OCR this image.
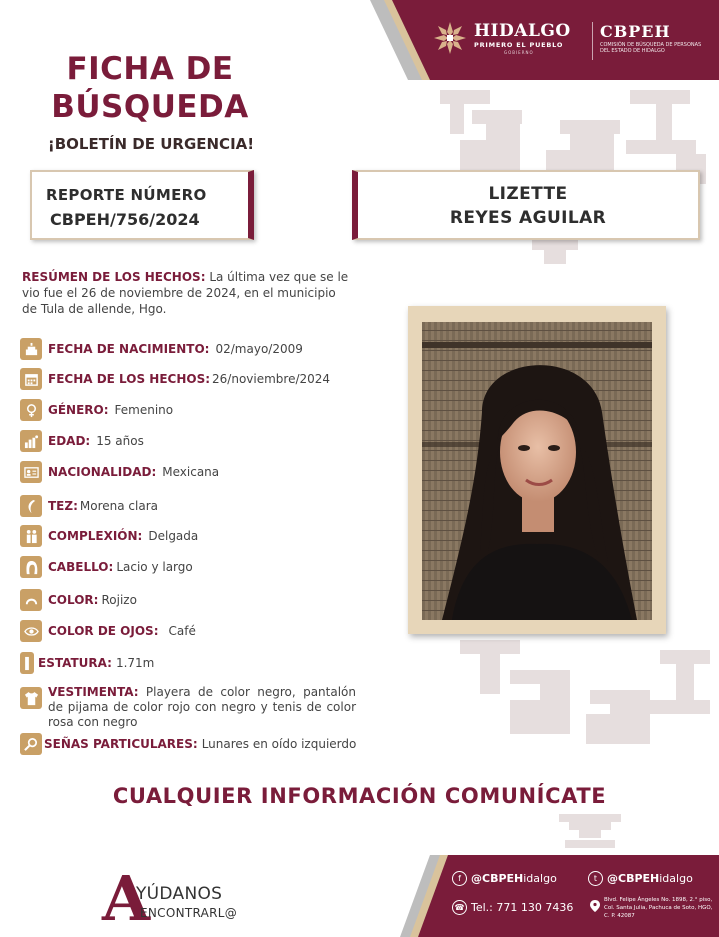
HIDALGO
PRIMERO EL PUEBLO
GOBIERNO
CBPEH
COMISIÓN DE BÚSQUEDA DE PERSONAS DEL ESTADO DE HIDALGO
FICHA DE
BÚSQUEDA
¡BOLETÍN DE URGENCIA!
REPORTE NÚMERO
CBPEH/756/2024
LIZETTE
REYES AGUILAR
RESÚMEN DE LOS HECHOS: La última vez que se le vio fue el 26 de noviembre de 2024, en el municipio de Tula de allende, Hgo.
FECHA DE NACIMIENTO: 02/mayo/2009
FECHA DE LOS HECHOS: 26/noviembre/2024
GÉNERO: Femenino
EDAD: 15 años
NACIONALIDAD: Mexicana
TEZ: Morena clara
COMPLEXIÓN: Delgada
CABELLO: Lacio y largo
COLOR: Rojizo
COLOR DE OJOS: Café
ESTATURA: 1.71m
VESTIMENTA: Playera de color negro, pantalón de pijama de color rojo con negro y tenis de color rosa con negro
SEÑAS PARTICULARES: Lunares en oído izquierdo
CUALQUIER INFORMACIÓN COMUNÍCATE
A
YÚDANOS
ENCONTRARL@
f @CBPEH idalgo	t @CBPEH idalgo
☎ Tel.: 771 130 7436
Blvd. Felipe Ángeles No. 1898, 2.° piso, Col. Santa Julia, Pachuca de Soto, HGO, C. P. 42087
